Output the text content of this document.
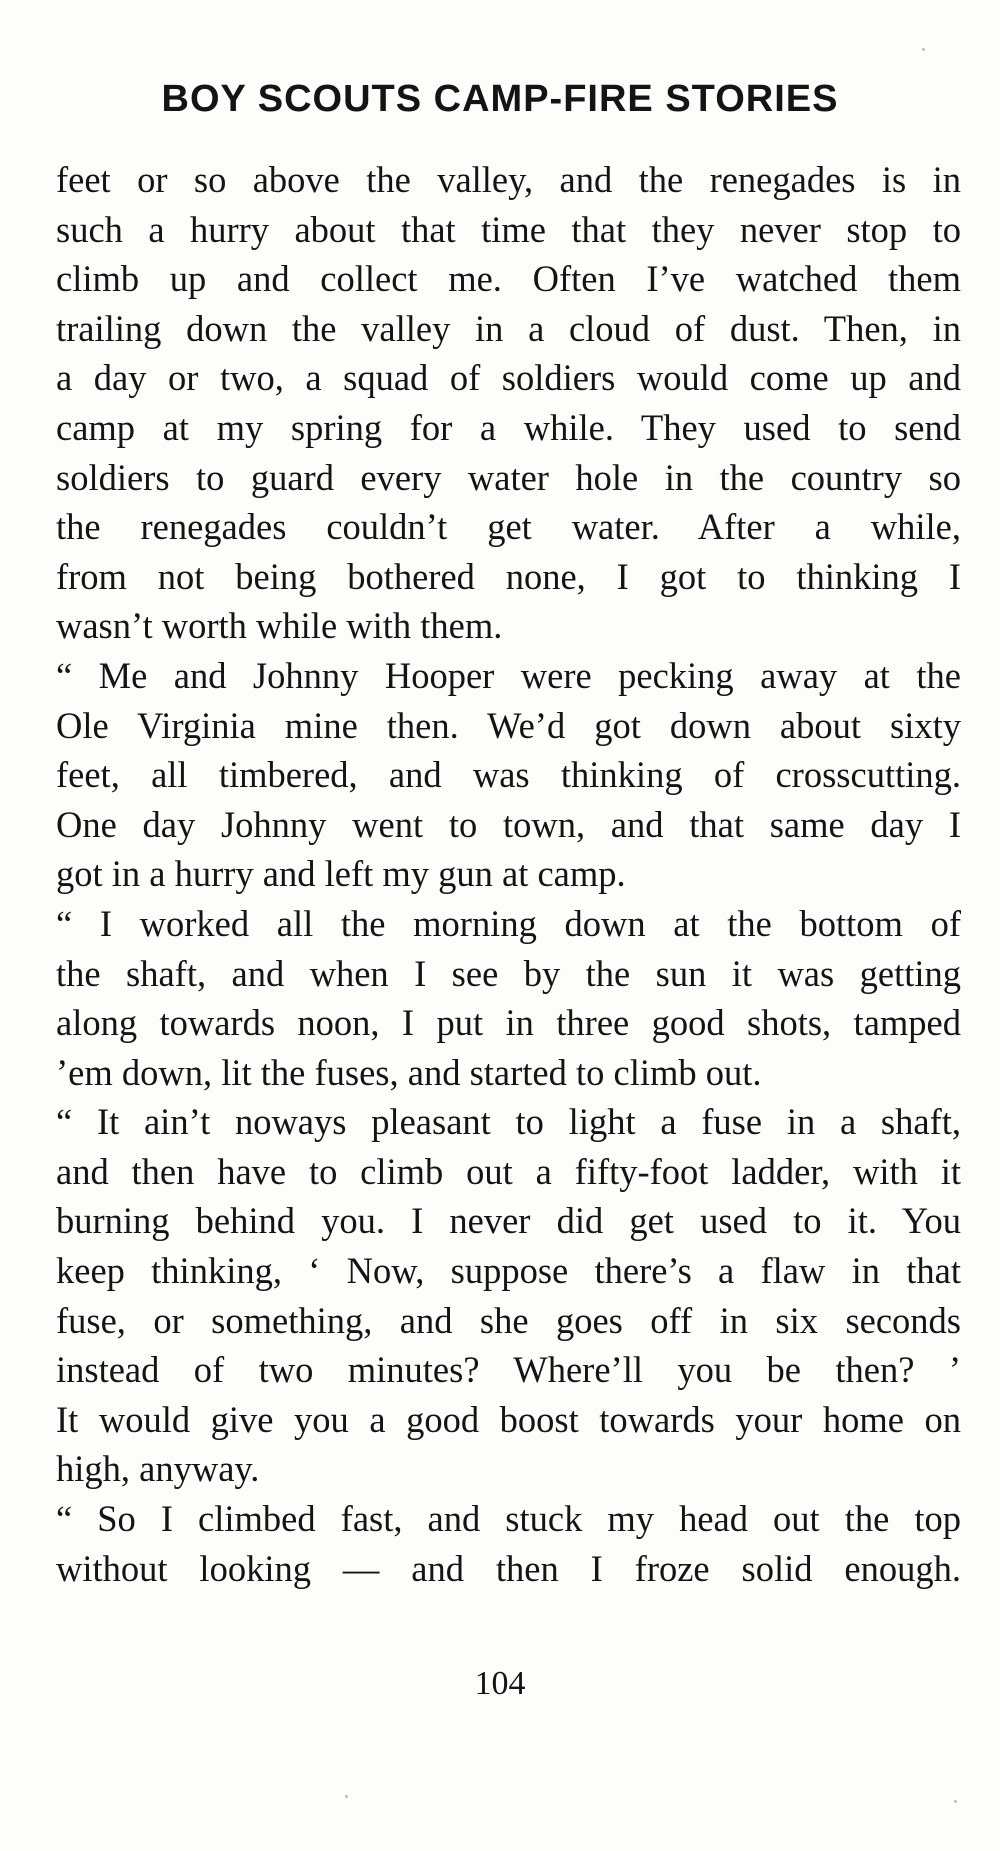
BOY SCOUTS CAMP-FIRE STORIES
feet or so above the valley, and the renegades is in
such a hurry about that time that they never stop to
climb up and collect me. Often I’ve watched them
trailing down the valley in a cloud of dust. Then, in
a day or two, a squad of soldiers would come up and
camp at my spring for a while. They used to send
soldiers to guard every water hole in the country so
the renegades couldn’t get water. After a while,
from not being bothered none, I got to thinking I
wasn’t worth while with them.
“ Me and Johnny Hooper were pecking away at the
Ole Virginia mine then. We’d got down about sixty
feet, all timbered, and was thinking of crosscutting.
One day Johnny went to town, and that same day I
got in a hurry and left my gun at camp.
“ I worked all the morning down at the bottom of
the shaft, and when I see by the sun it was getting
along towards noon, I put in three good shots, tamped
’em down, lit the fuses, and started to climb out.
“ It ain’t noways pleasant to light a fuse in a shaft,
and then have to climb out a fifty-foot ladder, with it
burning behind you. I never did get used to it. You
keep thinking, ‘ Now, suppose there’s a flaw in that
fuse, or something, and she goes off in six seconds
instead of two minutes? Where’ll you be then? ’
It would give you a good boost towards your home on
high, anyway.
“ So I climbed fast, and stuck my head out the top
without looking — and then I froze solid enough.
104
